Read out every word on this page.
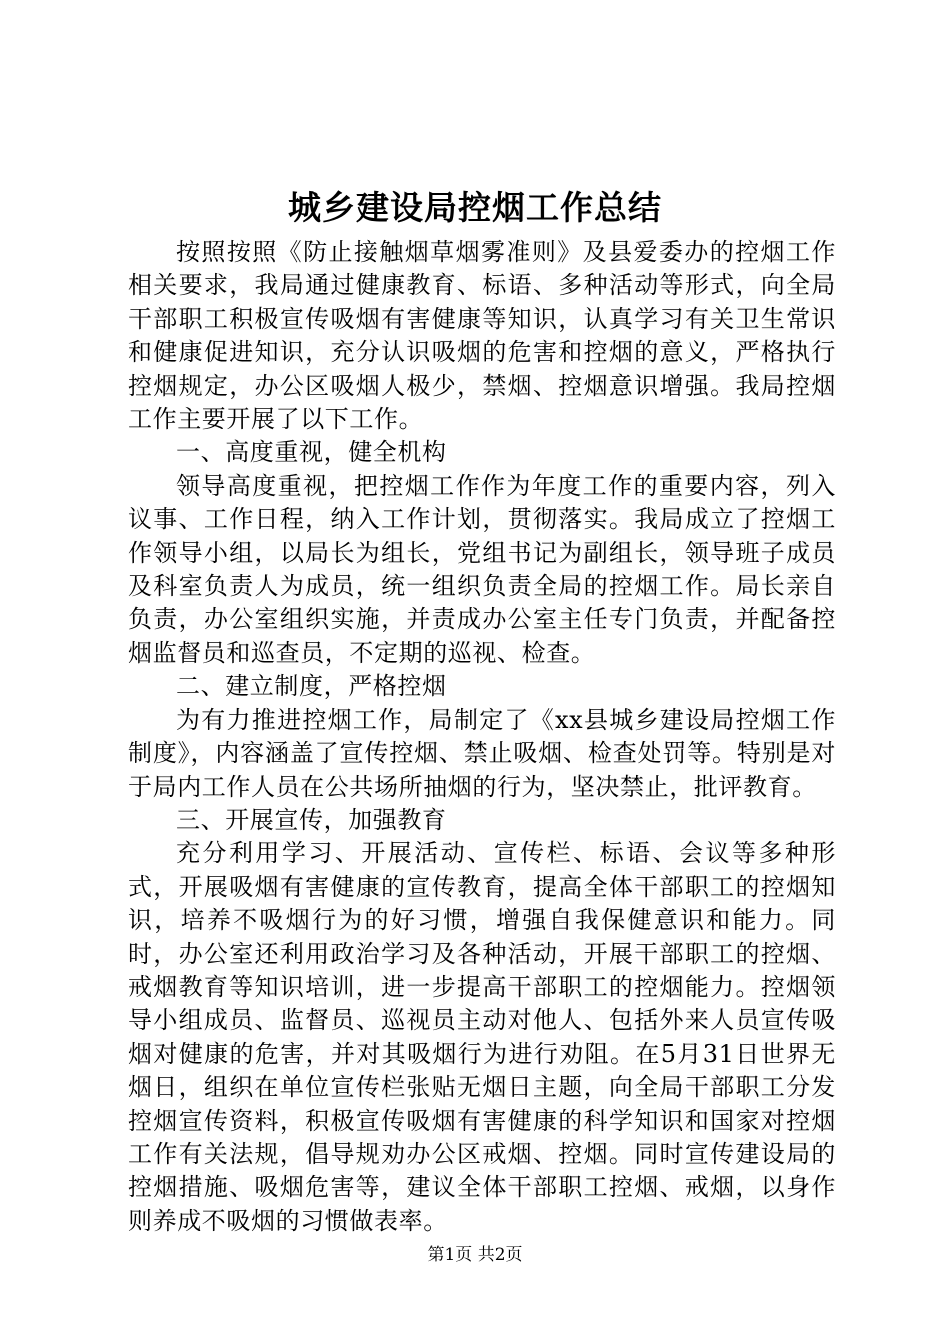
城乡建设局控烟工作总结

按照按照《防止接触烟草烟雾准则》及县爱委办的控烟工作相关要求，我局通过健康教育、标语、多种活动等形式，向全局干部职工积极宣传吸烟有害健康等知识，认真学习有关卫生常识和健康促进知识，充分认识吸烟的危害和控烟的意义，严格执行控烟规定，办公区吸烟人极少，禁烟、控烟意识增强。我局控烟工作主要开展了以下工作。

一、高度重视，健全机构

领导高度重视，把控烟工作作为年度工作的重要内容，列入议事、工作日程，纳入工作计划，贯彻落实。我局成立了控烟工作领导小组，以局长为组长，党组书记为副组长，领导班子成员及科室负责人为成员，统一组织负责全局的控烟工作。局长亲自负责，办公室组织实施，并责成办公室主任专门负责，并配备控烟监督员和巡查员，不定期的巡视、检查。

二、建立制度，严格控烟

为有力推进控烟工作，局制定了《xx县城乡建设局控烟工作制度》，内容涵盖了宣传控烟、禁止吸烟、检查处罚等。特别是对于局内工作人员在公共场所抽烟的行为，坚决禁止，批评教育。

三、开展宣传，加强教育

充分利用学习、开展活动、宣传栏、标语、会议等多种形式，开展吸烟有害健康的宣传教育，提高全体干部职工的控烟知识，培养不吸烟行为的好习惯，增强自我保健意识和能力。同时，办公室还利用政治学习及各种活动，开展干部职工的控烟、戒烟教育等知识培训，进一步提高干部职工的控烟能力。控烟领导小组成员、监督员、巡视员主动对他人、包括外来人员宣传吸烟对健康的危害，并对其吸烟行为进行劝阻。在5月31日世界无烟日，组织在单位宣传栏张贴无烟日主题，向全局干部职工分发控烟宣传资料，积极宣传吸烟有害健康的科学知识和国家对控烟工作有关法规，倡导规劝办公区戒烟、控烟。同时宣传建设局的控烟措施、吸烟危害等，建议全体干部职工控烟、戒烟，以身作则养成不吸烟的习惯做表率。

第1页 共2页
